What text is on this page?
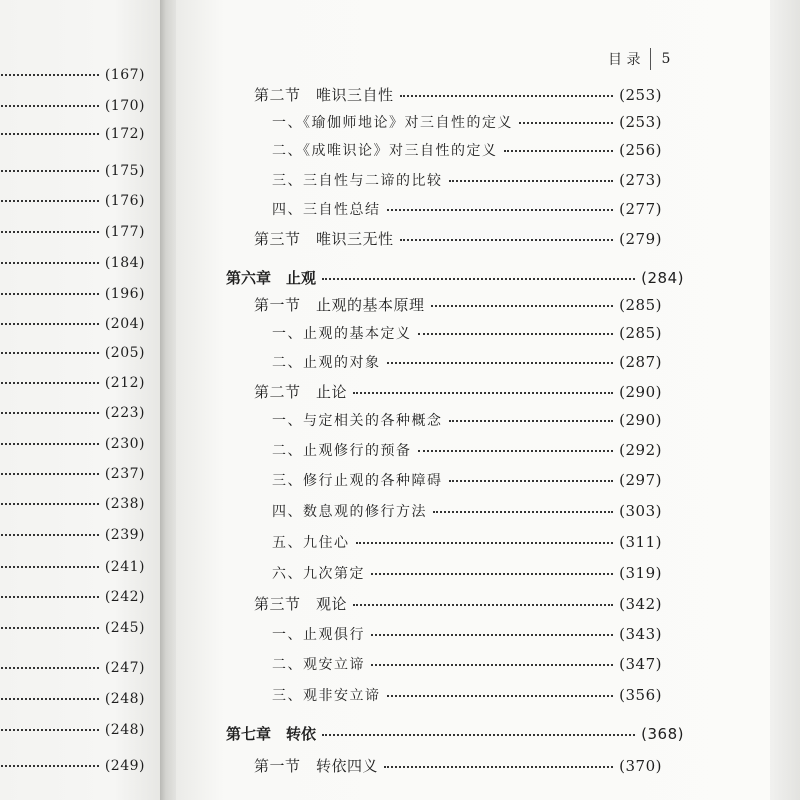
(167)
(170)
(172)
(175)
(176)
(177)
(184)
(196)
(204)
(205)
(212)
(223)
(230)
(237)
(238)
(239)
(241)
(242)
(245)
(247)
(248)
(248)
(249)
目 录 5
第二节　唯识三自性	(253)
一、《瑜伽师地论》对三自性的定义	(253)
二、《成唯识论》对三自性的定义	(256)
三、三自性与二谛的比较	(273)
四、三自性总结	(277)
第三节　唯识三无性	(279)
第六章　止观	(284)
第一节　止观的基本原理	(285)
一、止观的基本定义	(285)
二、止观的对象	(287)
第二节　止论	(290)
一、与定相关的各种概念	(290)
二、止观修行的预备	(292)
三、修行止观的各种障碍	(297)
四、数息观的修行方法	(303)
五、九住心	(311)
六、九次第定	(319)
第三节　观论	(342)
一、止观俱行	(343)
二、观安立谛	(347)
三、观非安立谛	(356)
第七章　转依	(368)
第一节　转依四义	(370)
